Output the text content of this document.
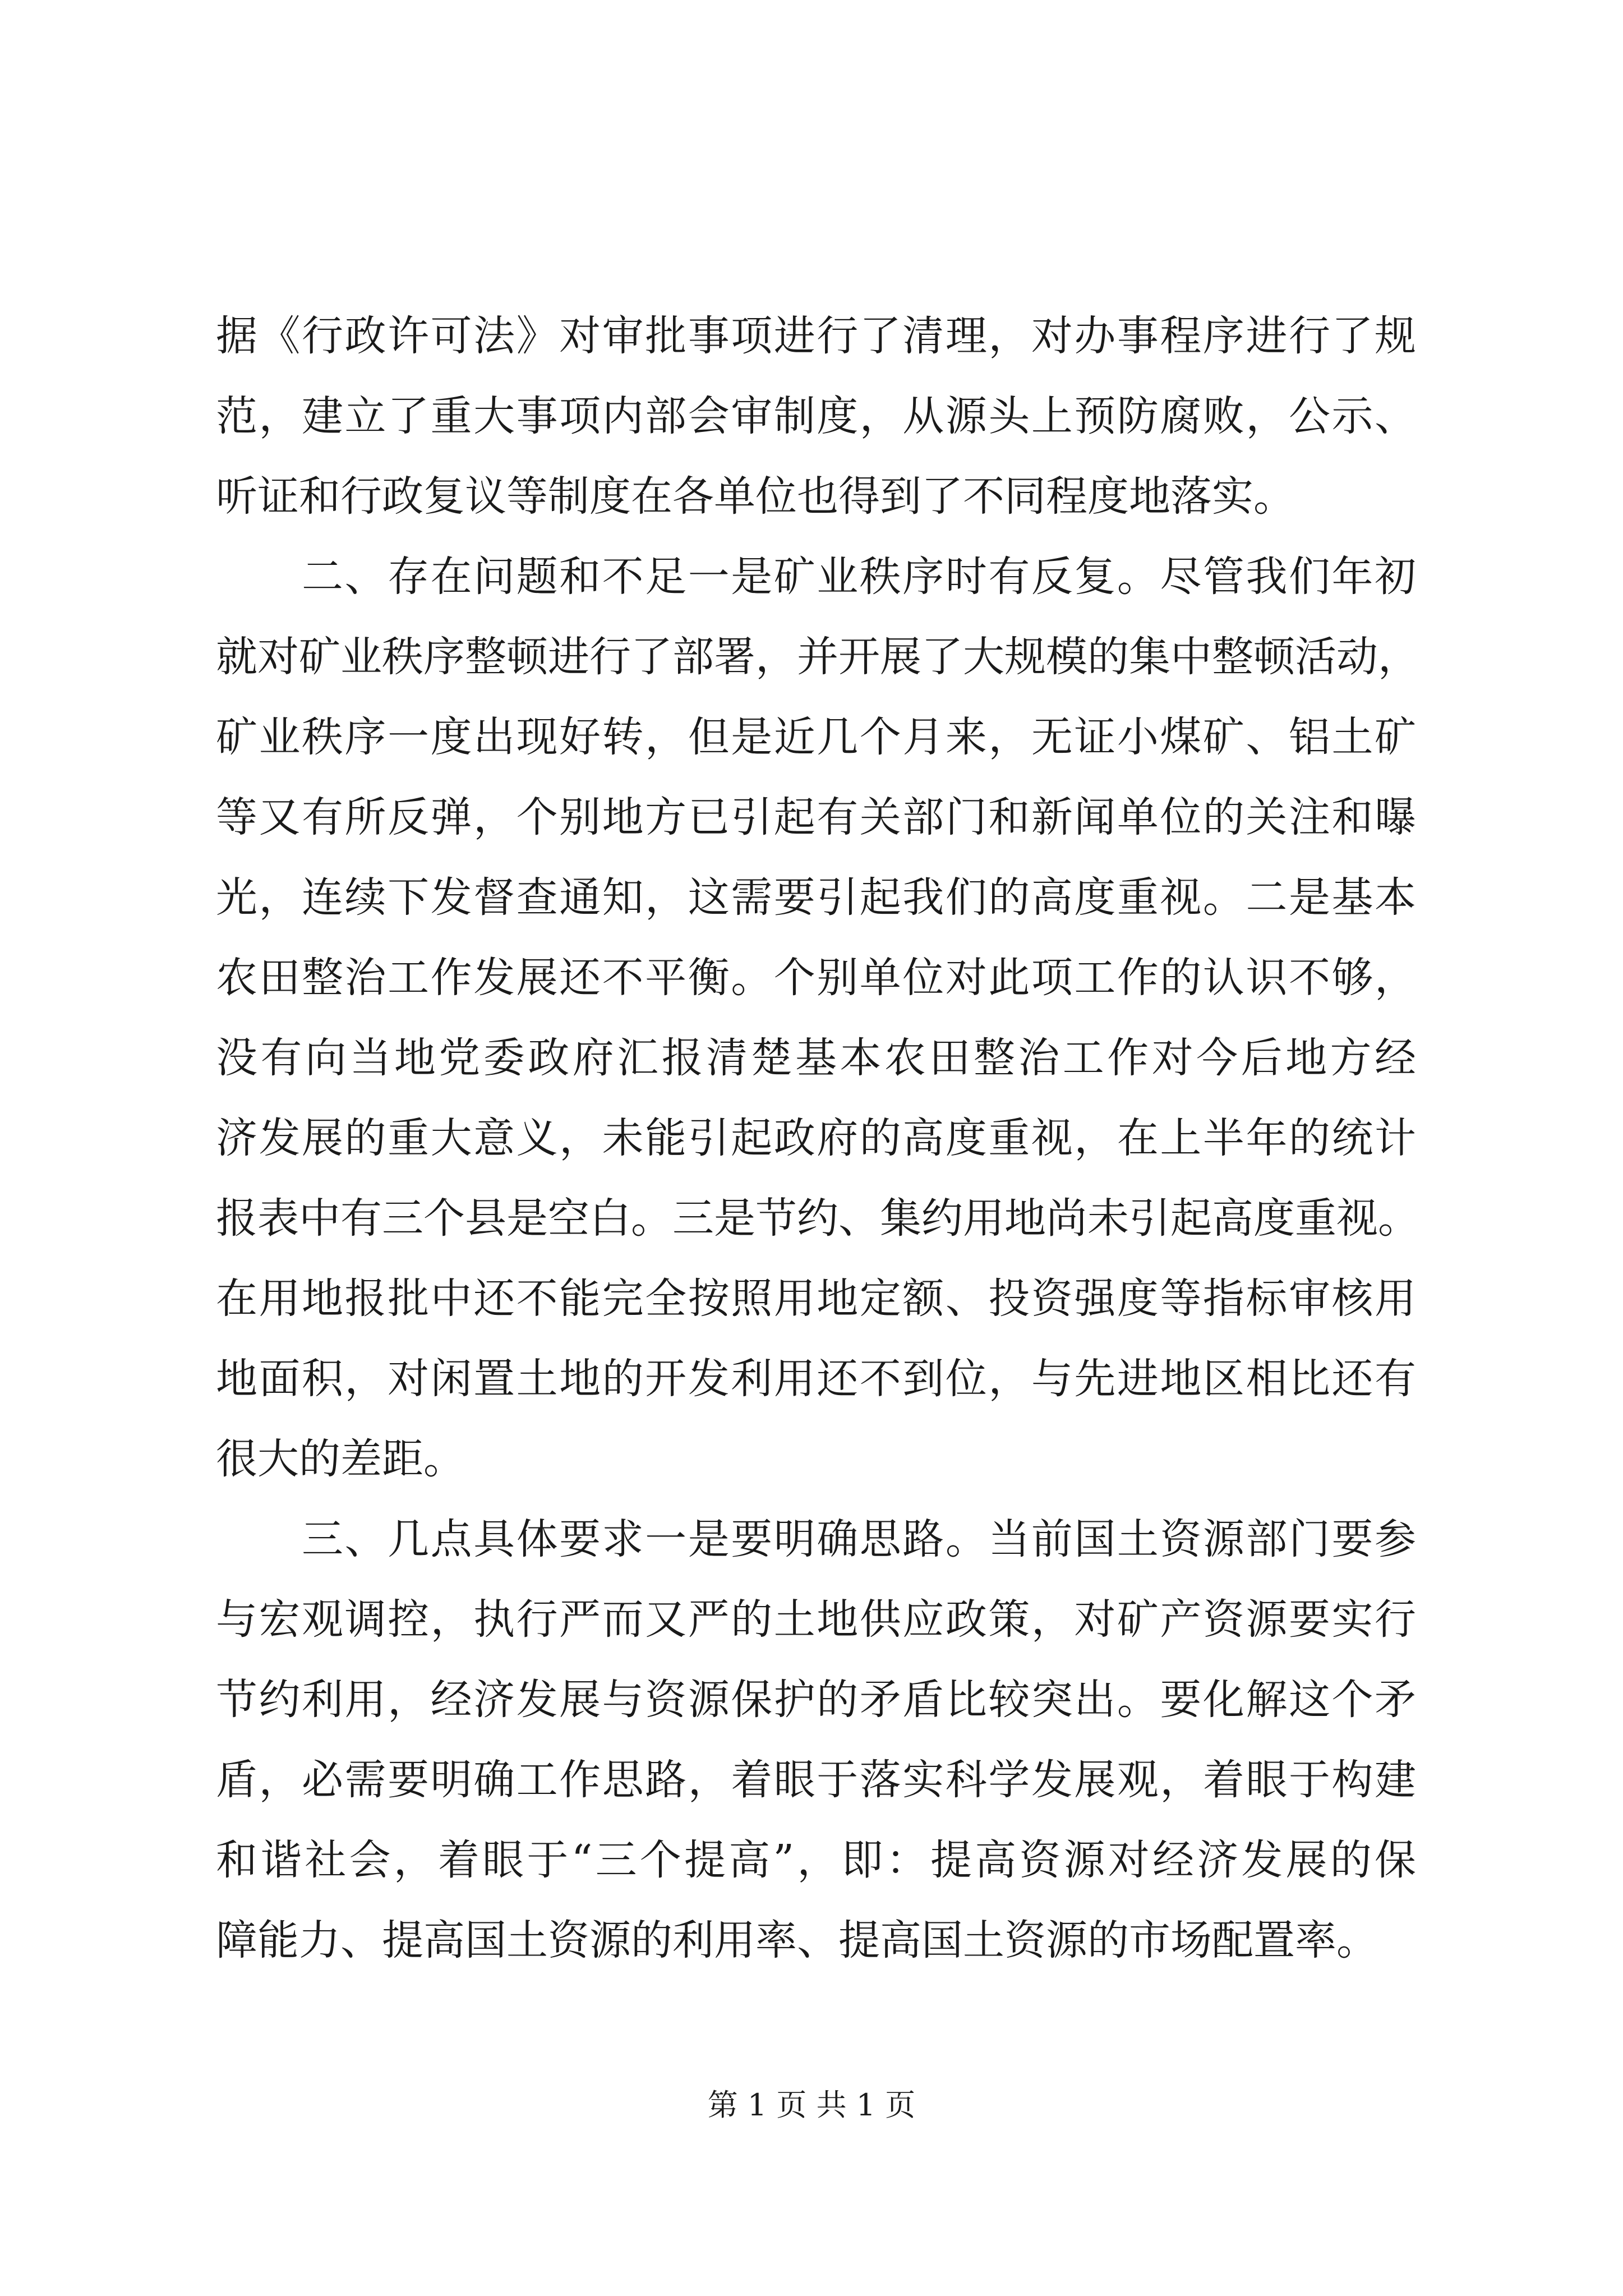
据《行政许可法》对审批事项进行了清理，对办事程序进行了规
范，建立了重大事项内部会审制度，从源头上预防腐败，公示、
听证和行政复议等制度在各单位也得到了不同程度地落实。
　　二、存在问题和不足一是矿业秩序时有反复。尽管我们年初
就对矿业秩序整顿进行了部署，并开展了大规模的集中整顿活动，
矿业秩序一度出现好转，但是近几个月来，无证小煤矿、铝土矿
等又有所反弹，个别地方已引起有关部门和新闻单位的关注和曝
光，连续下发督查通知，这需要引起我们的高度重视。二是基本
农田整治工作发展还不平衡。个别单位对此项工作的认识不够，
没有向当地党委政府汇报清楚基本农田整治工作对今后地方经
济发展的重大意义，未能引起政府的高度重视，在上半年的统计
报表中有三个县是空白。三是节约、集约用地尚未引起高度重视。
在用地报批中还不能完全按照用地定额、投资强度等指标审核用
地面积，对闲置土地的开发利用还不到位，与先进地区相比还有
很大的差距。
　　三、几点具体要求一是要明确思路。当前国土资源部门要参
与宏观调控，执行严而又严的土地供应政策，对矿产资源要实行
节约利用，经济发展与资源保护的矛盾比较突出。要化解这个矛
盾，必需要明确工作思路，着眼于落实科学发展观，着眼于构建
和谐社会，着眼于“三个提高”，即：提高资源对经济发展的保
障能力、提高国土资源的利用率、提高国土资源的市场配置率。
第 1 页 共 1 页
